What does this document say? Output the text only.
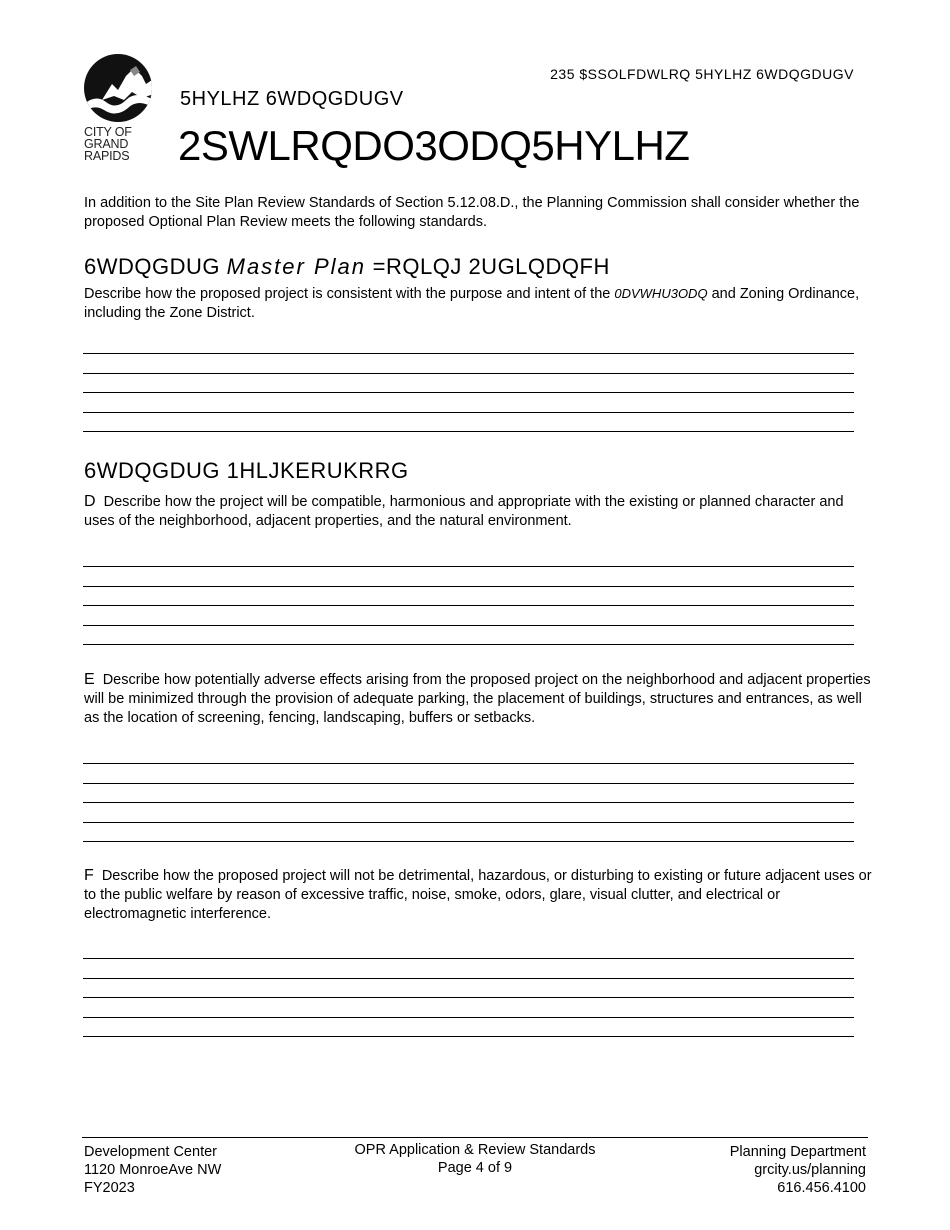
CITY OF
GRAND
RAPIDS
235 $SSOLFDWLRQ 5HYLHZ 6WDQGDUGV
5HYLHZ 6WDQGDUGV
2SWLRQDO3ODQ5HYLHZ
In addition to the Site Plan Review Standards of Section 5.12.08.D., the Planning Commission shall consider whether the proposed Optional Plan Review meets the following standards.
6WDQGDUG Master Plan =RQLQJ 2UGLQDQFH
Describe how the proposed project is consistent with the purpose and intent of the 0DVWHU3ODQ and Zoning Ordinance, including the Zone District.
6WDQGDUG 1HLJKERUKRRG
D Describe how the project will be compatible, harmonious and appropriate with the existing or planned character and uses of the neighborhood, adjacent properties, and the natural environment.
E Describe how potentially adverse effects arising from the proposed project on the neighborhood and adjacent properties will be minimized through the provision of adequate parking, the placement of buildings, structures and entrances, as well as the location of screening, fencing, landscaping, buffers or setbacks.
F Describe how the proposed project will not be detrimental, hazardous, or disturbing to existing or future adjacent uses or to the public welfare by reason of excessive traffic, noise, smoke, odors, glare, visual clutter, and electrical or electromagnetic interference.
Development Center
1120 MonroeAve NW
FY2023
OPR Application & Review Standards
Page 4 of 9
Planning Department
grcity.us/planning
616.456.4100
